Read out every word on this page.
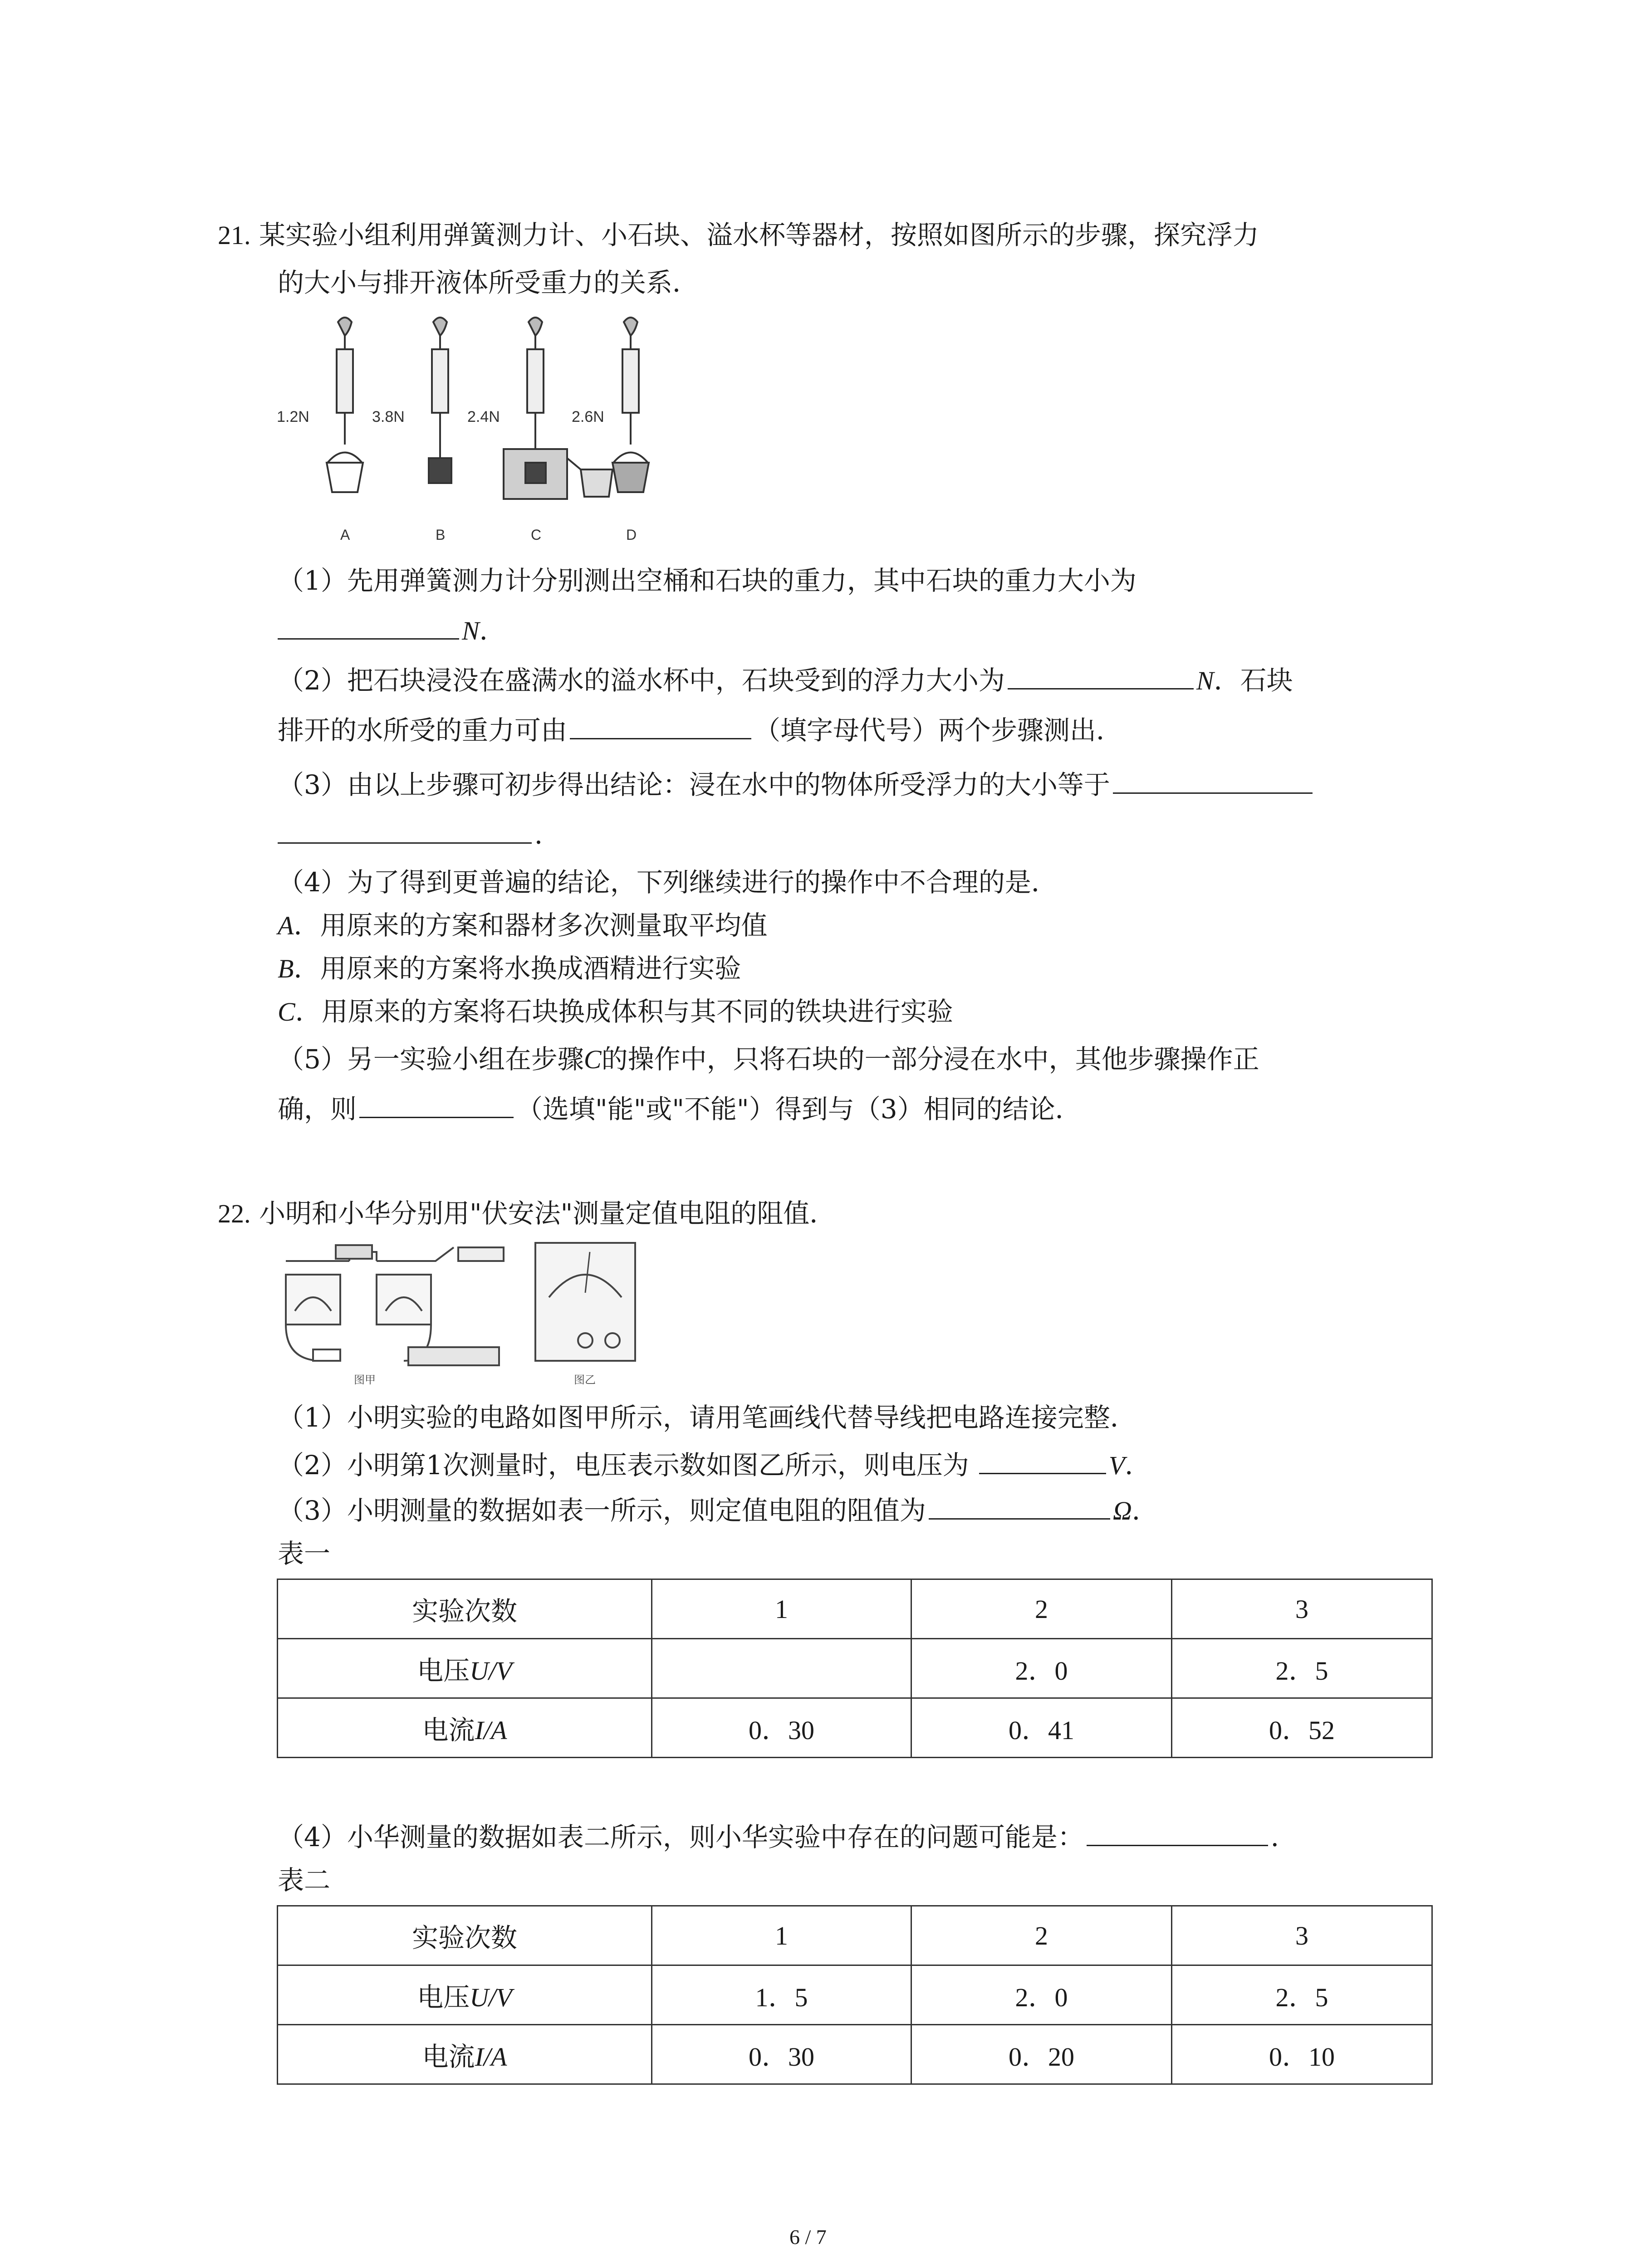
21. 某实验小组利用弹簧测力计、小石块、溢水杯等器材，按照如图所示的步骤，探究浮力
的大小与排开液体所受重力的关系．
1.2N	3.8N	2.4N	2.6N
A	B	C	D
（1）先用弹簧测力计分别测出空桶和石块的重力，其中石块的重力大小为
N．
（2）把石块浸没在盛满水的溢水杯中，石块受到的浮力大小为	N．石块
排开的水所受的重力可由	（填字母代号）两个步骤测出．
（3）由以上步骤可初步得出结论：浸在水中的物体所受浮力的大小等于
．
（4）为了得到更普遍的结论，下列继续进行的操作中不合理的是．
A．用原来的方案和器材多次测量取平均值
B．用原来的方案将水换成酒精进行实验
C．用原来的方案将石块换成体积与其不同的铁块进行实验
（5）另一实验小组在步骤C的操作中，只将石块的一部分浸在水中，其他步骤操作正
确，则	（选填"能"或"不能"）得到与（3）相同的结论．
22. 小明和小华分别用"伏安法"测量定值电阻的阻值．
图甲	图乙
（1）小明实验的电路如图甲所示，请用笔画线代替导线把电路连接完整．
（2）小明第1次测量时，电压表示数如图乙所示，则电压为	V．
（3）小明测量的数据如表一所示，则定值电阻的阻值为	Ω．
表一
实验次数	1	2	3
电压U/V		2．0	2．5
电流I/A	0．30	0．41	0．52
（4）小华测量的数据如表二所示，则小华实验中存在的问题可能是：	．
表二
实验次数	1	2	3
电压U/V	1．5	2．0	2．5
电流I/A	0．30	0．20	0．10
6 / 7
